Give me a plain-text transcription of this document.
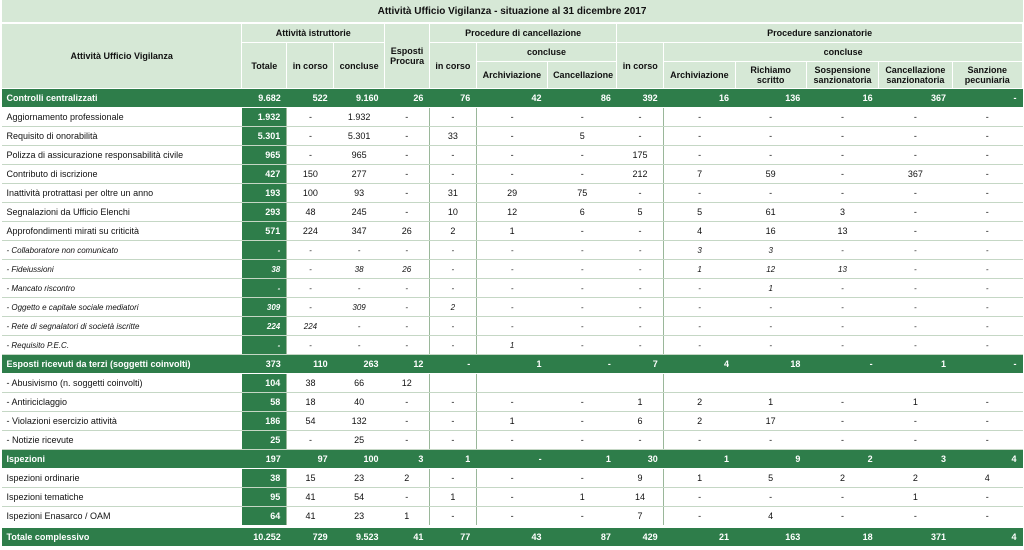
Attività Ufficio Vigilanza - situazione al 31 dicembre 2017													
Attività Ufficio Vigilanza	Attività istruttorie			Esposti Procura	Procedure di cancellazione			Procedure sanzionatorie					
	Totale	in corso	concluse		in corso	concluse		in corso	concluse				
						Archiviazione	Cancellazione		Archiviazione	Richiamo scritto	Sospensione sanzionatoria	Cancellazione sanzionatoria	Sanzione pecuniaria
Controlli centralizzati	9.682	522	9.160	26	76	42	86	392	16	136	16	367	-
Aggiornamento professionale	1.932	-	1.932	-	-	-	-	-	-	-	-	-	-
Requisito di onorabilità	5.301	-	5.301	-	33	-	5	-	-	-	-	-	-
Polizza di assicurazione responsabilità civile	965	-	965	-	-	-	-	175	-	-	-	-	-
Contributo di iscrizione	427	150	277	-	-	-	-	212	7	59	-	367	-
Inattività protrattasi per oltre un anno	193	100	93	-	31	29	75	-	-	-	-	-	-
Segnalazioni da Ufficio Elenchi	293	48	245	-	10	12	6	5	5	61	3	-	-
Approfondimenti mirati su criticità	571	224	347	26	2	1	-	-	4	16	13	-	-
- Collaboratore non comunicato	-	-	-	-	-	-	-	-	3	3	-	-	-
- Fideiussioni	38	-	38	26	-	-	-	-	1	12	13	-	-
- Mancato riscontro	-	-	-	-	-	-	-	-	-	1	-	-	-
- Oggetto e capitale sociale mediatori	309	-	309	-	2	-	-	-	-	-	-	-	-
- Rete di segnalatori di società iscritte	224	224	-	-	-	-	-	-	-	-	-	-	-
- Requisito P.E.C.	-	-	-	-	-	1	-	-	-	-	-	-	-
Esposti ricevuti da terzi (soggetti coinvolti)	373	110	263	12	-	1	-	7	4	18	-	1	-
- Abusivismo (n. soggetti coinvolti)	104	38	66	12									
- Antiriciclaggio	58	18	40	-	-	-	-	1	2	1	-	1	-
- Violazioni esercizio attività	186	54	132	-	-	1	-	6	2	17	-	-	-
- Notizie ricevute	25	-	25	-	-	-	-	-	-	-	-	-	-
Ispezioni	197	97	100	3	1	-	1	30	1	9	2	3	4
Ispezioni ordinarie	38	15	23	2	-	-	-	9	1	5	2	2	4
Ispezioni tematiche	95	41	54	-	1	-	1	14	-	-	-	1	-
Ispezioni Enasarco / OAM	64	41	23	1	-	-	-	7	-	4	-	-	-
Totale complessivo	10.252	729	9.523	41	77	43	87	429	21	163	18	371	4
